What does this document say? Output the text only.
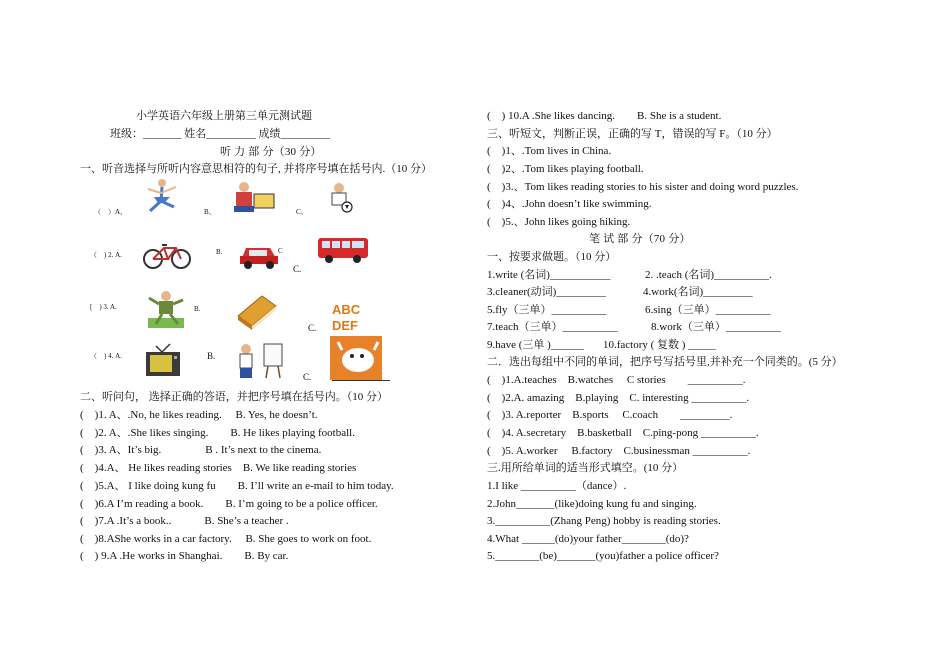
小学英语六年级上册第三单元测试题
班级：_______ 姓名_________ 成绩_________
听 力 部 分（30 分）
一、听音选择与所听内容意思相符的句子, 并将序号填在括号内.（10 分）
（　）A、	B、	C、
（　) 2. A.	B.	C
C.
[　) 3. A.	B.
C.
ABC
DEF
（　) 4. A.	B.
C.
二、听问句， 选择正确的答语，并把序号填在括号内。（10 分）
(　)1. A、.No, he likes reading.　 B. Yes, he doesn’t.
(　)2. A、.She likes singing.　　B. He likes playing football.
(　)3. A、It’s big.　　　　B . It’s next to the cinema.
(　)4.A、 He likes reading stories　B. We like reading stories
(　)5.A、 I like doing kung fu　　B. I’ll write an e-mail to him today.
(　)6.A I’m reading a book.　　B. I’m going to be a police officer.
(　)7.A .It’s a book..　　　B. She’s a teacher .
(　)8.AShe works in a car factory.　 B. She goes to work on foot.
(　) 9.A .He works in Shanghai.　　B. By car.
(　) 10.A .She likes dancing.　　B. She is a student.
三、听短文，判断正误，正确的写 T，错误的写 F。（10 分）
(　)1、.Tom lives in China.
(　)2、.Tom likes playing football.
(　)3.、Tom likes reading stories to his sister and doing word puzzles.
(　)4、.John doesn’t like swimming.
(　)5.、John likes going hiking.
笔 试 部 分（70 分）
一、按要求做题。（10 分）
1.write (名词)___________	2. .teach (名词)__________.
3.cleaner(动词)_________	4.work(名词)_________
5.fly（三单）__________	6.sing（三单）__________
7.teach（三单）__________	8.work（三单）__________
9.have (三单 )______ 10.factory ( 复数 ) _____
二．选出每组中不同的单词，把序号写括号里,并补充一个同类的。(5 分）
(　)1.A.teaches　B.watches　 C stories　　__________.
(　)2.A. amazing　B.playing　C. interesting __________.
(　)3. A.reporter　B.sports　 C.coach　　_________.
(　)4. A.secretary　B.basketball　C.ping-pong __________.
(　)5. A.worker　 B.factory　C.businessman __________.
三.用所给单词的适当形式填空。(10 分）
1.I like __________（dance）.
2.John_______(like)doing kung fu and singing.
3.__________(Zhang Peng) hobby is reading stories.
4.What ______(do)your father________(do)?
5.________(be)_______(you)father a police officer?
